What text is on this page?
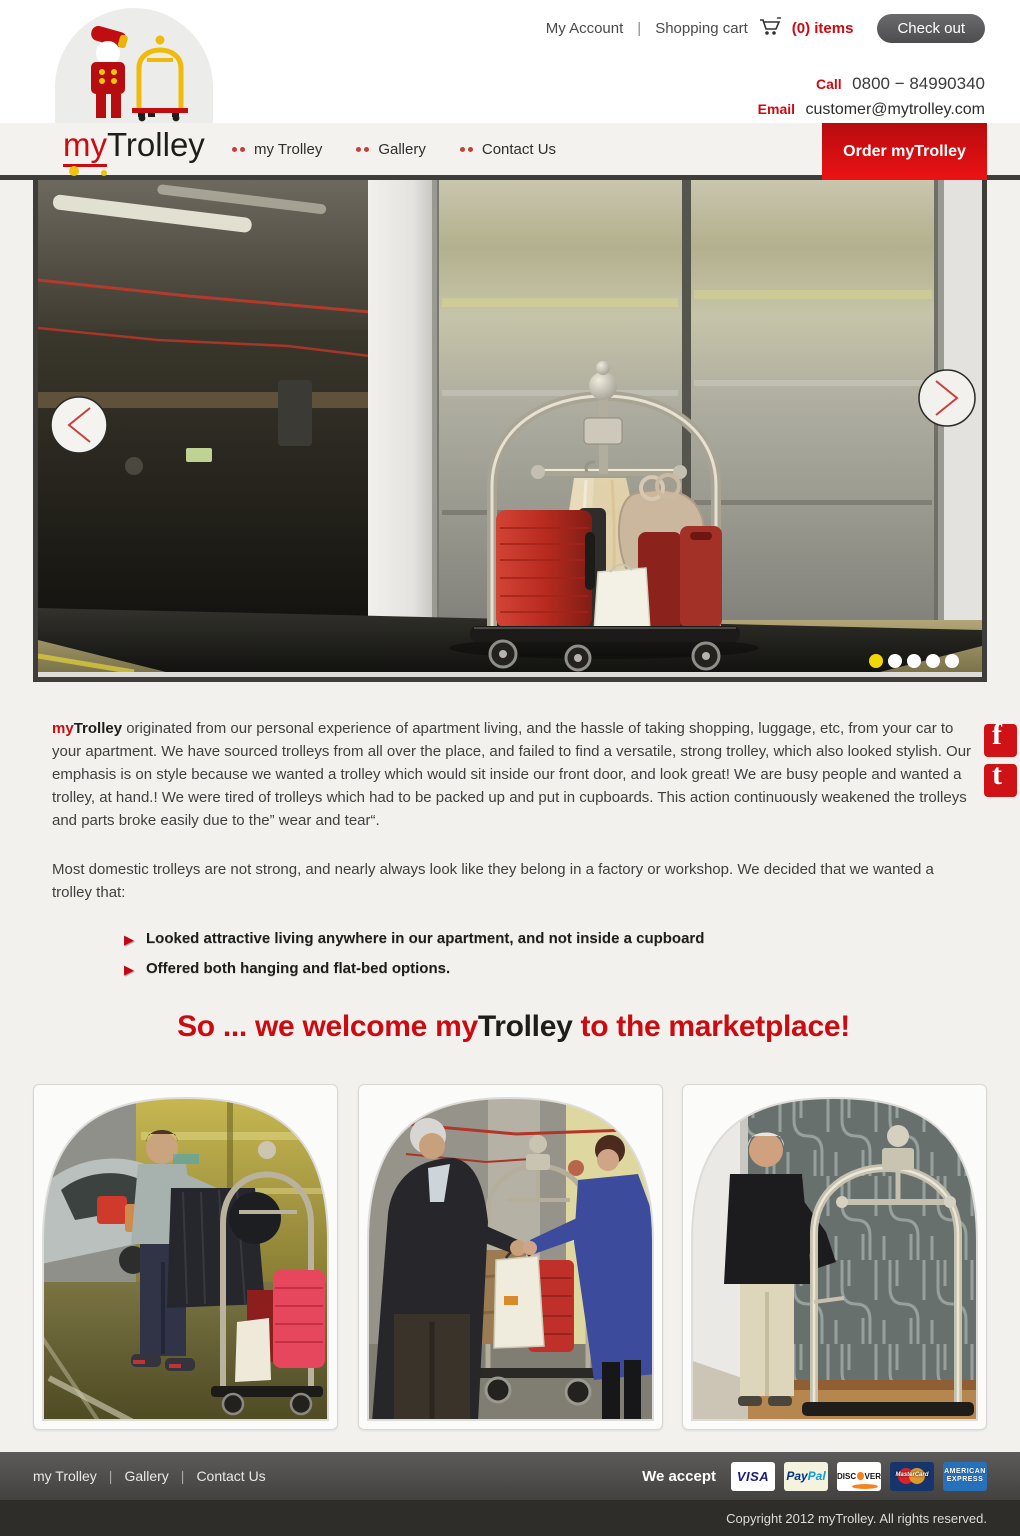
My Account | Shopping cart	(0) items	Check out
Call 0800 − 84990340
Email customer@mytrolley.com
myTrolley	my Trolley	Gallery	Contact Us	Order myTrolley
f
t

myTrolley originated from our personal experience of apartment living, and the hassle of taking shopping, luggage, etc, from your car to your apartment. We have sourced trolleys from all over the place, and failed to find a versatile, strong trolley, which also looked stylish. Our emphasis is on style because we wanted a trolley which would sit inside our front door, and look great! We are busy people and wanted a trolley, at hand.! We were tired of trolleys which had to be packed up and put in cupboards. This action continuously weakened the trolleys and parts broke easily due to the” wear and tear“.

Most domestic trolleys are not strong, and nearly always look like they belong in a factory or workshop. We decided that we wanted a trolley that:

▶ Looked attractive living anywhere in our apartment, and not inside a cupboard
▶ Offered both hanging and flat-bed options.
So ... we welcome myTrolley to the marketplace!
my Trolley | Gallery | Contact Us	We accept VISA Pay Pal DISC VER	MasterCard	AMERICAN
EXPRESS
Copyright 2012 myTrolley. All rights reserved.
